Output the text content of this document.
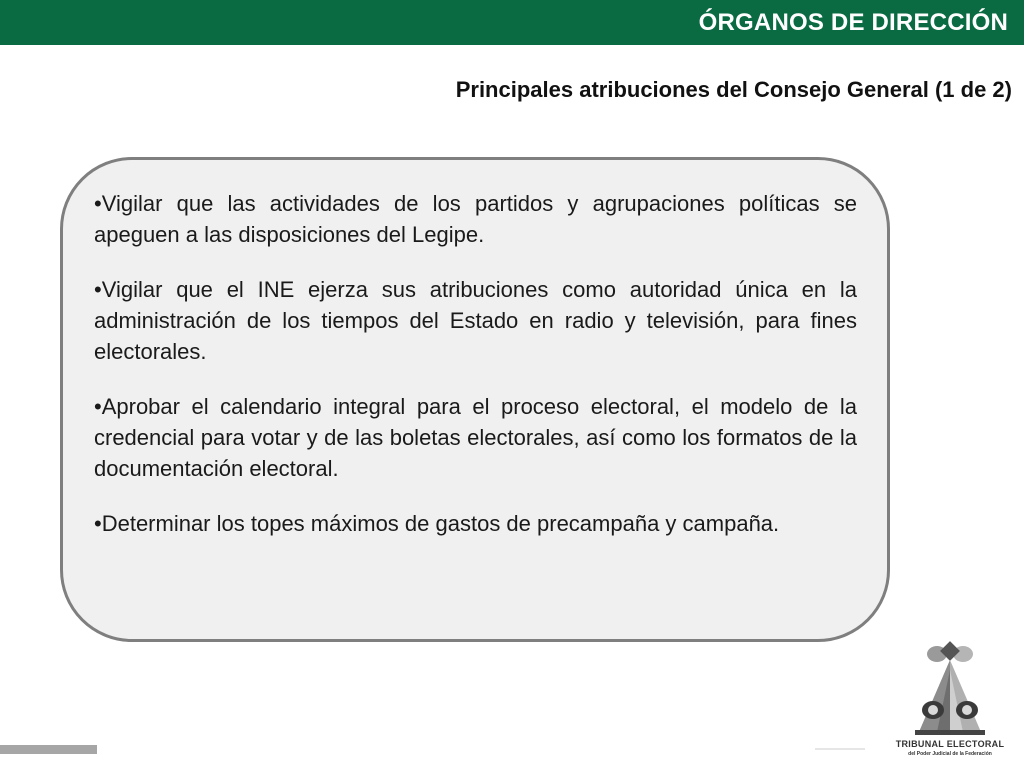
ÓRGANOS DE DIRECCIÓN
Principales atribuciones del Consejo General (1 de 2)

•Vigilar que las actividades de los partidos y agrupaciones políticas se apeguen a las disposiciones del Legipe.

•Vigilar que el INE ejerza sus atribuciones como autoridad única en la administración de los tiempos del Estado en radio y televisión, para fines electorales.

•Aprobar el calendario integral para el proceso electoral, el modelo de la credencial para votar y de las boletas electorales, así como los formatos de la documentación electoral.

•Determinar los topes máximos de gastos de precampaña y campaña.

TRIBUNAL ELECTORAL
del Poder Judicial de la Federación
